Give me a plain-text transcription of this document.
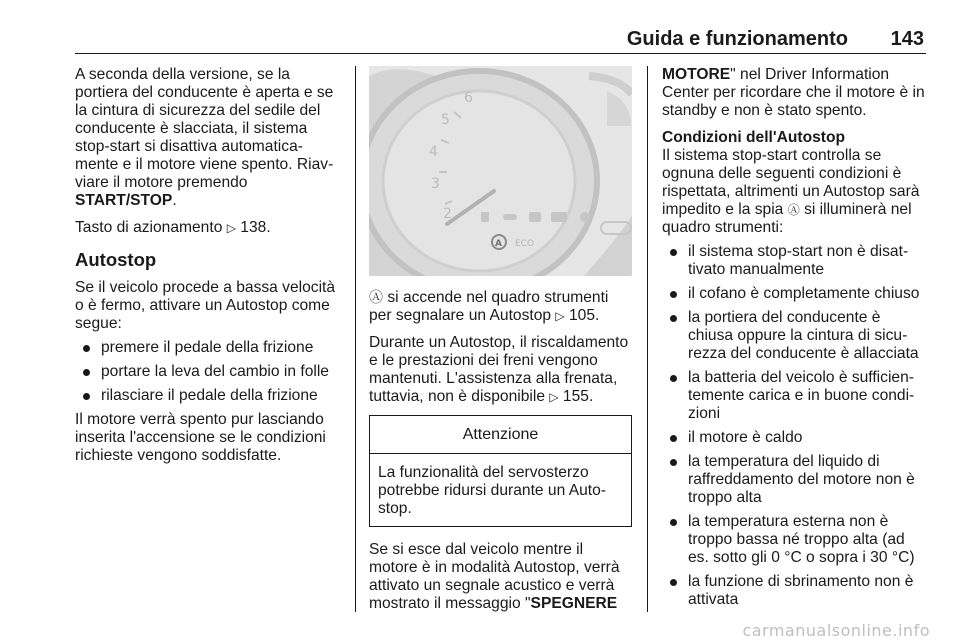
Guida e funzionamento 143

A seconda della versione, se la
portiera del conducente è aperta e se
la cintura di sicurezza del sedile del
conducente è slacciata, il sistema
stop-start si disattiva automatica-
mente e il motore viene spento. Riav-
viare il motore premendo
START/STOP.

Tasto di azionamento ▷ 138.

Autostop

Se il veicolo procede a bassa velocità
o è fermo, attivare un Autostop come
segue:

premere il pedale della frizione
portare la leva del cambio in folle
rilasciare il pedale della frizione

Il motore verrà spento pur lasciando
inserita l'accensione se le condizioni
richieste vengono soddisfatte.

6
5
4
3
2
A ECO

Ⓐ si accende nel quadro strumenti
per segnalare un Autostop ▷ 105.

Durante un Autostop, il riscaldamento
e le prestazioni dei freni vengono
mantenuti. L'assistenza alla frenata,
tuttavia, non è disponibile ▷ 155.

Attenzione
La funzionalità del servosterzo
potrebbe ridursi durante un Auto-
stop.

Se si esce dal veicolo mentre il
motore è in modalità Autostop, verrà
attivato un segnale acustico e verrà
mostrato il messaggio "SPEGNERE

MOTORE" nel Driver Information
Center per ricordare che il motore è in
standby e non è stato spento.

Condizioni dell'Autostop

Il sistema stop-start controlla se
ognuna delle seguenti condizioni è
rispettata, altrimenti un Autostop sarà
impedito e la spia Ⓐ si illuminerà nel
quadro strumenti:

il sistema stop-start non è disat-
tivato manualmente
il cofano è completamente chiuso
la portiera del conducente è
chiusa oppure la cintura di sicu-
rezza del conducente è allacciata
la batteria del veicolo è sufficien-
temente carica e in buone condi-
zioni
il motore è caldo
la temperatura del liquido di
raffreddamento del motore non è
troppo alta
la temperatura esterna non è
troppo bassa né troppo alta (ad
es. sotto gli 0 °C o sopra i 30 °C)
la funzione di sbrinamento non è
attivata
carmanualsonline.info
